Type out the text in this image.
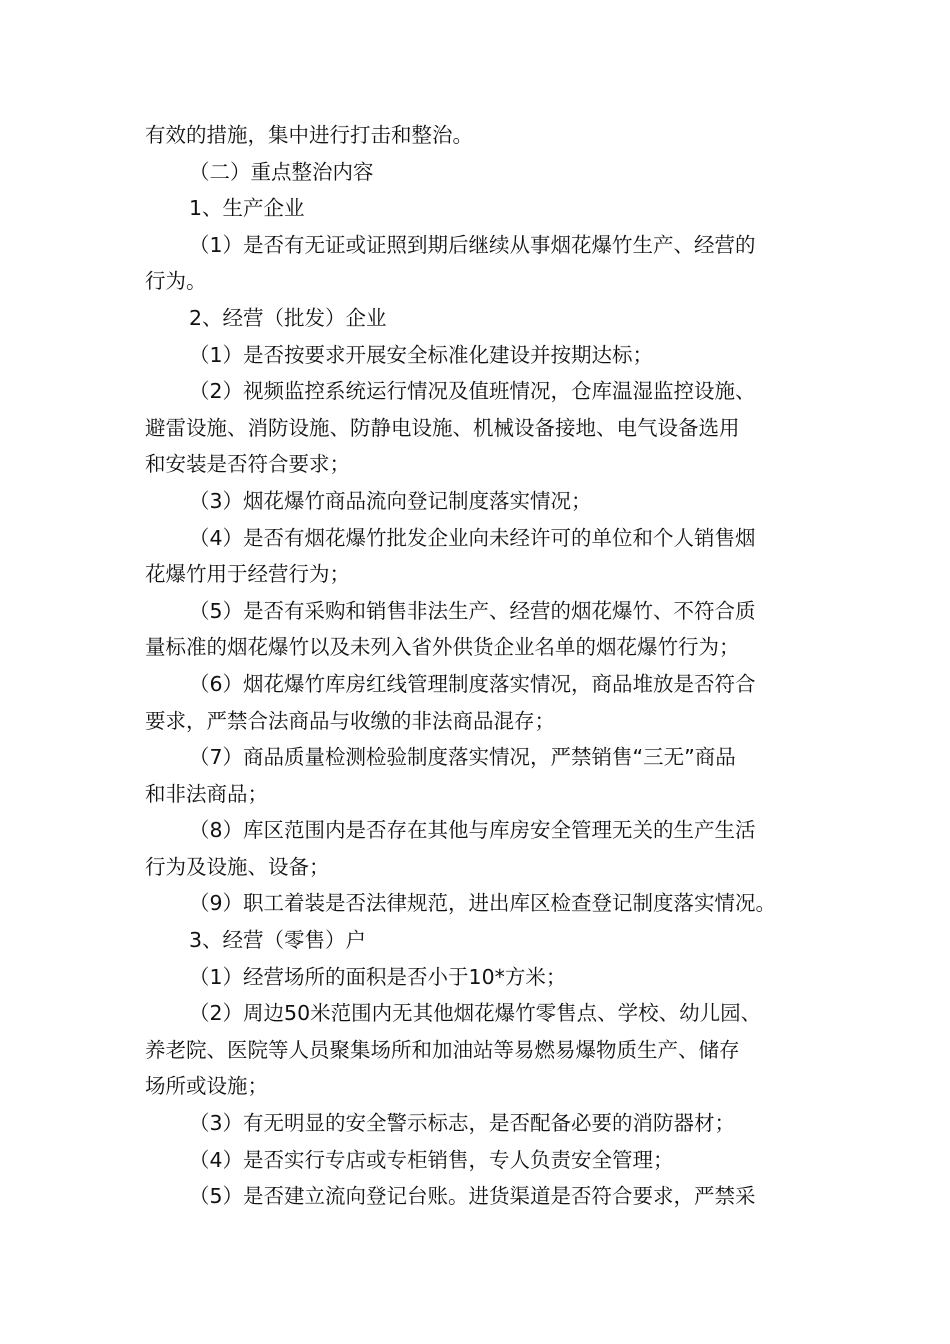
有效的措施，集中进行打击和整治。
（二）重点整治内容
1、生产企业
（1）是否有无证或证照到期后继续从事烟花爆竹生产、经营的
行为。
2、经营（批发）企业
（1）是否按要求开展安全标准化建设并按期达标；
（2）视频监控系统运行情况及值班情况，仓库温湿监控设施、
避雷设施、消防设施、防静电设施、机械设备接地、电气设备选用
和安装是否符合要求；
（3）烟花爆竹商品流向登记制度落实情况；
（4）是否有烟花爆竹批发企业向未经许可的单位和个人销售烟
花爆竹用于经营行为；
（5）是否有采购和销售非法生产、经营的烟花爆竹、不符合质
量标准的烟花爆竹以及未列入省外供货企业名单的烟花爆竹行为；
（6）烟花爆竹库房红线管理制度落实情况，商品堆放是否符合
要求，严禁合法商品与收缴的非法商品混存；
（7）商品质量检测检验制度落实情况，严禁销售“三无”商品
和非法商品；
（8）库区范围内是否存在其他与库房安全管理无关的生产生活
行为及设施、设备；
（9）职工着装是否法律规范，进出库区检查登记制度落实情况。
3、经营（零售）户
（1）经营场所的面积是否小于10*方米；
（2）周边50米范围内无其他烟花爆竹零售点、学校、幼儿园、
养老院、医院等人员聚集场所和加油站等易燃易爆物质生产、储存
场所或设施；
（3）有无明显的安全警示标志，是否配备必要的消防器材；
（4）是否实行专店或专柜销售，专人负责安全管理；
（5）是否建立流向登记台账。进货渠道是否符合要求，严禁采
